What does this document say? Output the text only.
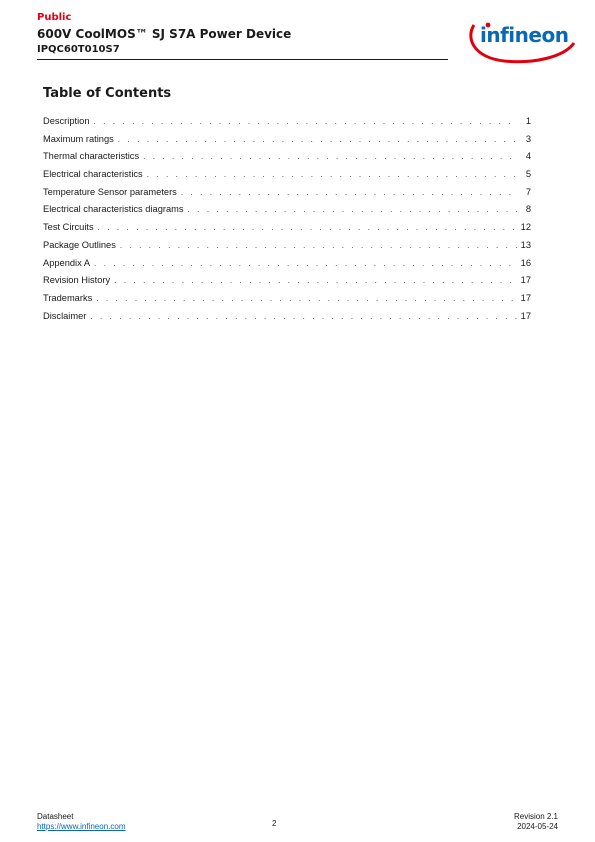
Public
600V CoolMOS™ SJ S7A Power Device
IPQC60T010S7
infineon
Table of Contents
Description . . .	1
Maximum ratings . . .	3
Thermal characteristics . . .	4
Electrical characteristics . . .	5
Temperature Sensor parameters . . .	7
Electrical characteristics diagrams . . .	8
Test Circuits . . .	12
Package Outlines . . .	13
Appendix A . . .	16
Revision History . . .	17
Trademarks . . .	17
Disclaimer . . .	17
Datasheet
https://www.infineon.com	2
Revision 2.1
2024-05-24
